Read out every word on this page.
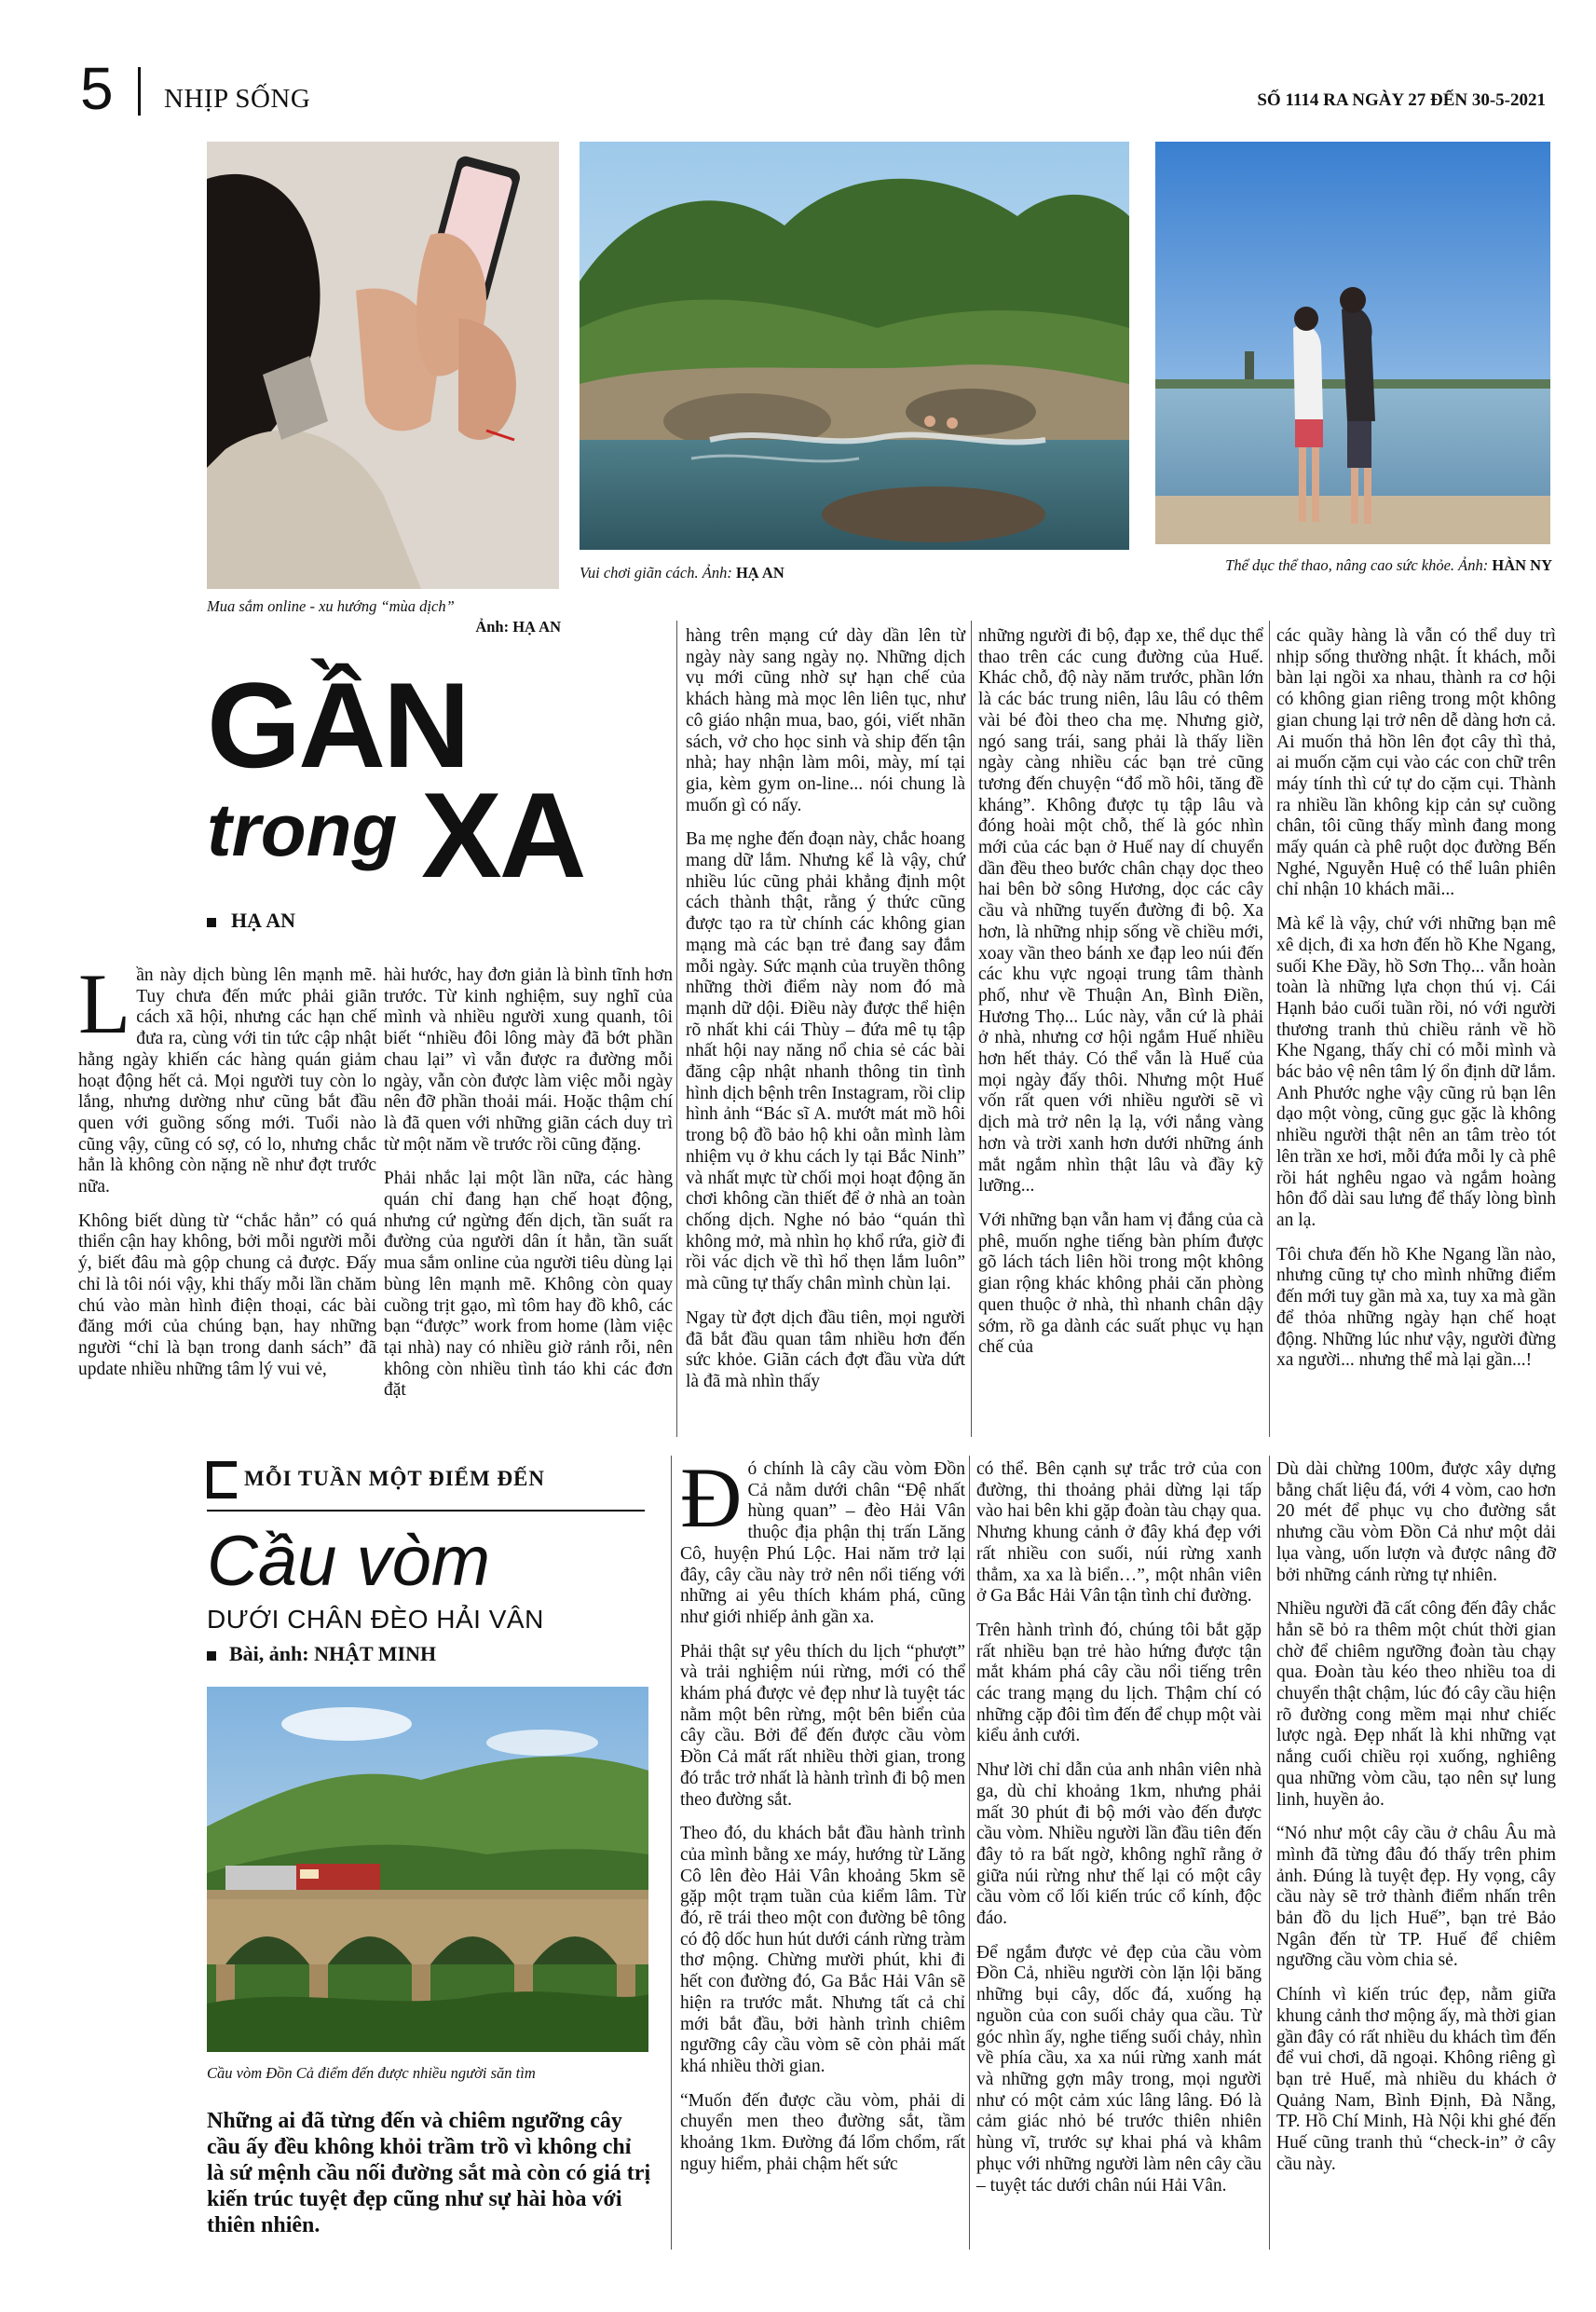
5 NHỊP SỐNG	SỐ 1114 RA NGÀY 27 ĐẾN 30-5-2021
Mua sắm online - xu hướng “mùa dịch”
Ảnh: HẠ AN
Vui chơi giãn cách. Ảnh: HẠ AN	Thể dục thể thao, nâng cao sức khỏe. Ảnh: HÀN NY
GẦN
trong XA
HẠ AN

Lần này dịch bùng lên mạnh mẽ. Tuy chưa đến mức phải giãn cách xã hội, nhưng các hạn chế đưa ra, cùng với tin tức cập nhật hằng ngày khiến các hàng quán giảm hoạt động hết cả. Mọi người tuy còn lo lắng, nhưng dường như cũng bắt đầu quen với guồng sống mới. Tuổi nào cũng vậy, cũng có sợ, có lo, nhưng chắc hẳn là không còn nặng nề như đợt trước nữa.

Không biết dùng từ “chắc hẳn” có quá thiển cận hay không, bởi mỗi người mỗi ý, biết đâu mà gộp chung cả được. Đấy chỉ là tôi nói vậy, khi thấy mỗi lần chăm chú vào màn hình điện thoại, các bài đăng mới của chúng bạn, hay những người “chỉ là bạn trong danh sách” đã update nhiều những tâm lý vui vẻ,

hài hước, hay đơn giản là bình tĩnh hơn trước. Từ kinh nghiệm, suy nghĩ của mình và nhiều người xung quanh, tôi biết “nhiều đôi lông mày đã bớt phần chau lại” vì vẫn được ra đường mỗi ngày, vẫn còn được làm việc mỗi ngày nên đỡ phần thoải mái. Hoặc thậm chí là đã quen với những giãn cách duy trì từ một năm về trước rồi cũng đặng.

Phải nhắc lại một lần nữa, các hàng quán chỉ đang hạn chế hoạt động, nhưng cứ ngừng đến dịch, tần suất ra đường của người dân ít hẳn, tần suất mua sắm online của người tiêu dùng lại bùng lên mạnh mẽ. Không còn quay cuồng trịt gạo, mì tôm hay đồ khô, các bạn “được” work from home (làm việc tại nhà) nay có nhiều giờ rảnh rỗi, nên không còn nhiều tình táo khi các đơn đặt

hàng trên mạng cứ dày dần lên từ ngày này sang ngày nọ. Những dịch vụ mới cũng nhờ sự hạn chế của khách hàng mà mọc lên liên tục, như cô giáo nhận mua, bao, gói, viết nhãn sách, vở cho học sinh và ship đến tận nhà; hay nhận làm môi, mày, mí tại gia, kèm gym on-line... nói chung là muốn gì có nấy.

Ba mẹ nghe đến đoạn này, chắc hoang mang dữ lắm. Nhưng kể là vậy, chứ nhiều lúc cũng phải khẳng định một cách thành thật, rằng ý thức cũng được tạo ra từ chính các không gian mạng mà các bạn trẻ đang say đắm mỗi ngày. Sức mạnh của truyền thông những thời điểm này nom đó mà mạnh dữ dội. Điều này được thể hiện rõ nhất khi cái Thùy – đứa mê tụ tập nhất hội nay năng nổ chia sẻ các bài đăng cập nhật nhanh thông tin tình hình dịch bệnh trên Instagram, rồi clip hình ảnh “Bác sĩ A. mướt mát mồ hôi trong bộ đồ bảo hộ khi oằn mình làm nhiệm vụ ở khu cách ly tại Bắc Ninh” và nhất mực từ chối mọi hoạt động ăn chơi không cần thiết để ở nhà an toàn chống dịch. Nghe nó bảo “quán thì không mở, mà nhìn họ khổ rứa, giờ đi rồi vác dịch về thì hổ thẹn lắm luôn” mà cũng tự thấy chân mình chùn lại.

Ngay từ đợt dịch đầu tiên, mọi người đã bắt đầu quan tâm nhiều hơn đến sức khỏe. Giãn cách đợt đầu vừa dứt là đã mà nhìn thấy

những người đi bộ, đạp xe, thể dục thể thao trên các cung đường của Huế. Khác chỗ, độ này năm trước, phần lớn là các bác trung niên, lâu lâu có thêm vài bé đòi theo cha mẹ. Nhưng giờ, ngó sang trái, sang phải là thấy liền ngày càng nhiều các bạn trẻ cũng tương đến chuyện “đổ mồ hôi, tăng đề kháng”. Không được tụ tập lâu và đóng hoài một chỗ, thế là góc nhìn mới của các bạn ở Huế nay dí chuyển dần đều theo bước chân chạy dọc theo hai bên bờ sông Hương, dọc các cây cầu và những tuyến đường đi bộ. Xa hơn, là những nhịp sống về chiều mới, xoay vần theo bánh xe đạp leo núi đến các khu vực ngoại trung tâm thành phố, như về Thuận An, Bình Điền, Hương Thọ... Lúc này, vẫn cứ là phải ở nhà, nhưng cơ hội ngắm Huế nhiều hơn hết thảy. Có thể vẫn là Huế của mọi ngày đấy thôi. Nhưng một Huế vốn rất quen với nhiều người sẽ vì dịch mà trở nên lạ lạ, với nắng vàng hơn và trời xanh hơn dưới những ánh mắt ngắm nhìn thật lâu và đầy kỹ lưỡng...

Với những bạn vẫn ham vị đắng của cà phê, muốn nghe tiếng bàn phím được gõ lách tách liên hồi trong một không gian rộng khác không phải căn phòng quen thuộc ở nhà, thì nhanh chân dậy sớm, rồ ga dành các suất phục vụ hạn chế của

các quầy hàng là vẫn có thể duy trì nhịp sống thường nhật. Ít khách, mỗi bàn lại ngồi xa nhau, thành ra cơ hội có không gian riêng trong một không gian chung lại trở nên dễ dàng hơn cả. Ai muốn thả hồn lên đọt cây thì thả, ai muốn cặm cụi vào các con chữ trên máy tính thì cứ tự do cặm cụi. Thành ra nhiều lần không kịp cản sự cuồng chân, tôi cũng thấy mình đang mong mấy quán cà phê ruột dọc đường Bến Nghé, Nguyễn Huệ có thể luân phiên chỉ nhận 10 khách mãi...

Mà kể là vậy, chứ với những bạn mê xê dịch, đi xa hơn đến hồ Khe Ngang, suối Khe Đầy, hồ Sơn Thọ... vẫn hoàn toàn là những lựa chọn thú vị. Cái Hạnh bảo cuối tuần rồi, nó với người thương tranh thủ chiều rảnh về hồ Khe Ngang, thấy chỉ có mỗi mình và bác bảo vệ nên tâm lý ổn định dữ lắm. Anh Phước nghe vậy cũng rủ bạn lên dạo một vòng, cũng gục gặc là không nhiều người thật nên an tâm trèo tót lên trần xe hơi, mỗi đứa mỗi ly cà phê rồi hát nghêu ngao và ngắm hoàng hôn đổ dài sau lưng để thấy lòng bình an lạ.

Tôi chưa đến hồ Khe Ngang lần nào, nhưng cũng tự cho mình những điểm đến mới tuy gần mà xa, tuy xa mà gần để thỏa những ngày hạn chế hoạt động. Những lúc như vậy, người đừng xa người... nhưng thể mà lại gần...!

MỖI TUẦN MỘT ĐIỂM ĐẾN
Cầu vòm
DƯỚI CHÂN ĐÈO HẢI VÂN
Bài, ảnh: NHẬT MINH
Cầu vòm Đồn Cả điểm đến được nhiều người săn tìm
Những ai đã từng đến và chiêm ngưỡng cây cầu ấy đều không khỏi trầm trồ vì không chỉ là sứ mệnh cầu nối đường sắt mà còn có giá trị kiến trúc tuyệt đẹp cũng như sự hài hòa với thiên nhiên.

Đó chính là cây cầu vòm Đồn Cả nằm dưới chân “Đệ nhất hùng quan” – đèo Hải Vân thuộc địa phận thị trấn Lăng Cô, huyện Phú Lộc. Hai năm trở lại đây, cây cầu này trở nên nổi tiếng với những ai yêu thích khám phá, cũng như giới nhiếp ảnh gần xa.

Phải thật sự yêu thích du lịch “phượt” và trải nghiệm núi rừng, mới có thể khám phá được vẻ đẹp như là tuyệt tác nằm một bên rừng, một bên biển của cây cầu. Bởi để đến được cầu vòm Đồn Cả mất rất nhiều thời gian, trong đó trắc trở nhất là hành trình đi bộ men theo đường sắt.

Theo đó, du khách bắt đầu hành trình của mình bằng xe máy, hướng từ Lăng Cô lên đèo Hải Vân khoảng 5km sẽ gặp một trạm tuần của kiểm lâm. Từ đó, rẽ trái theo một con đường bê tông có độ dốc hun hút dưới cánh rừng tràm thơ mộng. Chừng mười phút, khi đi hết con đường đó, Ga Bắc Hải Vân sẽ hiện ra trước mắt. Nhưng tất cả chỉ mới bắt đầu, bởi hành trình chiêm ngưỡng cây cầu vòm sẽ còn phải mất khá nhiều thời gian.

“Muốn đến được cầu vòm, phải di chuyển men theo đường sắt, tầm khoảng 1km. Đường đá lổm chổm, rất nguy hiểm, phải chậm hết sức

có thể. Bên cạnh sự trắc trở của con đường, thi thoảng phải dừng lại tấp vào hai bên khi gặp đoàn tàu chạy qua. Nhưng khung cảnh ở đây khá đẹp với rất nhiều con suối, núi rừng xanh thẳm, xa xa là biển…”, một nhân viên ở Ga Bắc Hải Vân tận tình chỉ đường.

Trên hành trình đó, chúng tôi bắt gặp rất nhiều bạn trẻ hào hứng được tận mắt khám phá cây cầu nổi tiếng trên các trang mạng du lịch. Thậm chí có những cặp đôi tìm đến để chụp một vài kiểu ảnh cưới.

Như lời chỉ dẫn của anh nhân viên nhà ga, dù chỉ khoảng 1km, nhưng phải mất 30 phút đi bộ mới vào đến được cầu vòm. Nhiều người lần đầu tiên đến đây tỏ ra bất ngờ, không nghĩ rằng ở giữa núi rừng như thế lại có một cây cầu vòm cổ lối kiến trúc cổ kính, độc đáo.

Để ngắm được vẻ đẹp của cầu vòm Đồn Cả, nhiều người còn lặn lội băng những bụi cây, dốc đá, xuống hạ nguồn của con suối chảy qua cầu. Từ góc nhìn ấy, nghe tiếng suối chảy, nhìn về phía cầu, xa xa núi rừng xanh mát và những gợn mây trong, mọi người như có một cảm xúc lâng lâng. Đó là cảm giác nhỏ bé trước thiên nhiên hùng vĩ, trước sự khai phá và khâm phục với những người làm nên cây cầu – tuyệt tác dưới chân núi Hải Vân.

Dù dài chừng 100m, được xây dựng bằng chất liệu đá, với 4 vòm, cao hơn 20 mét để phục vụ cho đường sắt nhưng cầu vòm Đồn Cả như một dải lụa vàng, uốn lượn và được nâng đỡ bởi những cánh rừng tự nhiên.

Nhiều người đã cất công đến đây chắc hẳn sẽ bỏ ra thêm một chút thời gian chờ để chiêm ngưỡng đoàn tàu chạy qua. Đoàn tàu kéo theo nhiều toa di chuyển thật chậm, lúc đó cây cầu hiện rõ đường cong mềm mại như chiếc lược ngà. Đẹp nhất là khi những vạt nắng cuối chiều rọi xuống, nghiêng qua những vòm cầu, tạo nên sự lung linh, huyền ảo.

“Nó như một cây cầu ở châu Âu mà mình đã từng đâu đó thấy trên phim ảnh. Đúng là tuyệt đẹp. Hy vọng, cây cầu này sẽ trở thành điểm nhấn trên bản đồ du lịch Huế”, bạn trẻ Bảo Ngân đến từ TP. Huế để chiêm ngưỡng cầu vòm chia sẻ.

Chính vì kiến trúc đẹp, nằm giữa khung cảnh thơ mộng ấy, mà thời gian gần đây có rất nhiều du khách tìm đến để vui chơi, dã ngoại. Không riêng gì bạn trẻ Huế, mà nhiều du khách ở Quảng Nam, Bình Định, Đà Nẵng, TP. Hồ Chí Minh, Hà Nội khi ghé đến Huế cũng tranh thủ “check-in” ở cây cầu này.
